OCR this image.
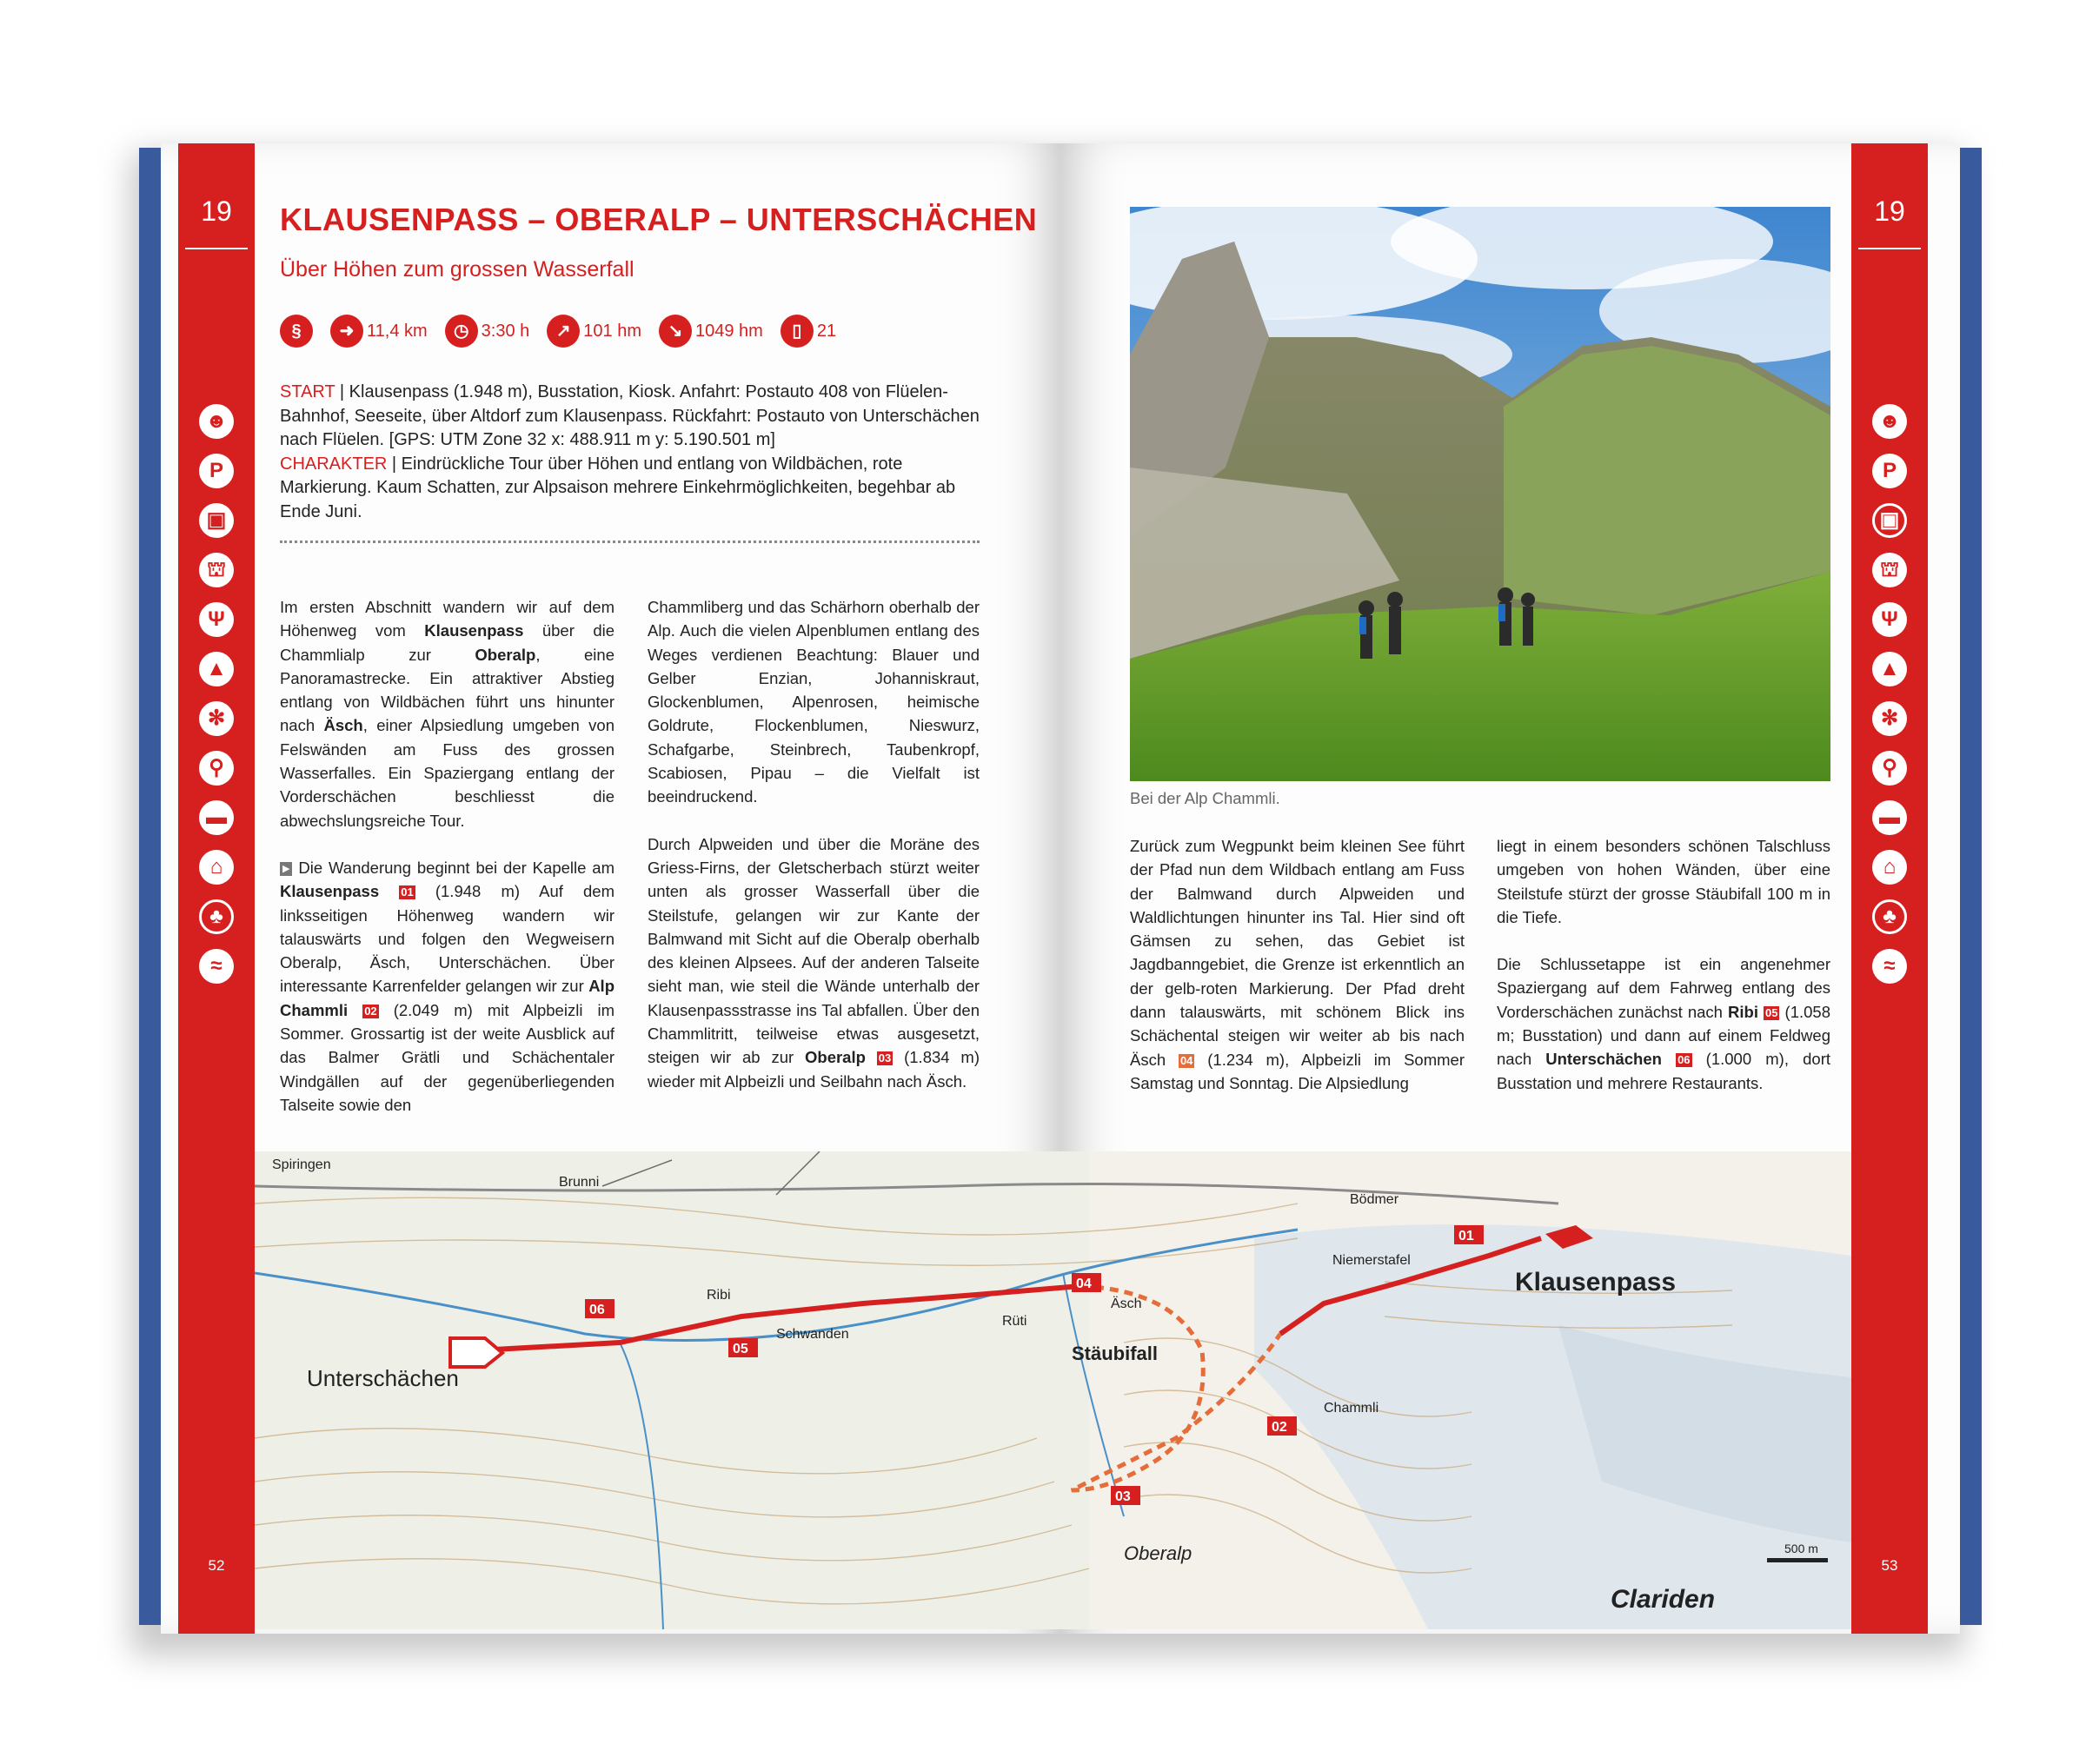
19
☻
P
▣
⛫
Ψ
▲
✻
⚲
▬
⌂
♣
≈
52
19
☻
P
▣
⛫
Ψ
▲
✻
⚲
▬
⌂
♣
≈
53
KLAUSENPASS – OBERALP – UNTERSCHÄCHEN
Über Höhen zum grossen Wasserfall
§	➜ 11,4 km	◷ 3:30 h	↗ 101 hm	↘ 1049 hm	▯ 21
START | Klausenpass (1.948 m), Busstation, Kiosk. Anfahrt: Postauto 408 von Flüelen-Bahnhof, Seeseite, über Altdorf zum Klausenpass. Rückfahrt: Postauto von Unterschächen nach Flüelen. [GPS: UTM Zone 32 x: 488.911 m y: 5.190.501 m]
CHARAKTER | Eindrückliche Tour über Höhen und entlang von Wildbächen, rote Markierung. Kaum Schatten, zur Alpsaison mehrere Einkehrmöglichkeiten, begehbar ab Ende Juni.

Im ersten Abschnitt wandern wir auf dem Höhenweg vom Klausenpass über die Chammlialp zur Oberalp, eine Panoramastrecke. Ein attraktiver Abstieg entlang von Wildbächen führt uns hinunter nach Äsch, einer Alpsiedlung umgeben von Felswänden am Fuss des grossen Wasserfalles. Ein Spaziergang entlang der Vorderschächen beschliesst die abwechslungsreiche Tour.

▶ Die Wanderung beginnt bei der Kapelle am Klausenpass 01 (1.948 m) Auf dem linksseitigen Höhenweg wandern wir talauswärts und folgen den Wegweisern Oberalp, Äsch, Unterschächen. Über interessante Karrenfelder gelangen wir zur Alp Chammli 02 (2.049 m) mit Alpbeizli im Sommer. Grossartig ist der weite Ausblick auf das Balmer Grätli und Schächentaler Windgällen auf der gegenüberliegenden Talseite sowie den

Chammliberg und das Schärhorn oberhalb der Alp. Auch die vielen Alpenblumen entlang des Weges verdienen Beachtung: Blauer und Gelber Enzian, Johanniskraut, Glockenblumen, Alpenrosen, heimische Goldrute, Flockenblumen, Nieswurz, Schafgarbe, Steinbrech, Taubenkropf, Scabiosen, Pipau – die Vielfalt ist beeindruckend.

Durch Alpweiden und über die Moräne des Griess-Firns, der Gletscherbach stürzt weiter unten als grosser Wasserfall über die Steilstufe, gelangen wir zur Kante der Balmwand mit Sicht auf die Oberalp oberhalb des kleinen Alpsees. Auf der anderen Talseite sieht man, wie steil die Wände unterhalb der Klausenpassstrasse ins Tal abfallen. Über den Chammlitritt, teilweise etwas ausgesetzt, steigen wir ab zur Oberalp 03 (1.834 m) wieder mit Alpbeizli und Seilbahn nach Äsch.

Zurück zum Wegpunkt beim kleinen See führt der Pfad nun dem Wildbach entlang am Fuss der Balmwand durch Alpweiden und Waldlichtungen hinunter ins Tal. Hier sind oft Gämsen zu sehen, das Gebiet ist Jagdbanngebiet, die Grenze ist erkenntlich an der gelb-roten Markierung. Der Pfad dreht dann talauswärts, mit schönem Blick ins Schächental steigen wir weiter ab bis nach Äsch 04 (1.234 m), Alpbeizli im Sommer Samstag und Sonntag. Die Alpsiedlung

liegt in einem besonders schönen Talschluss umgeben von hohen Wänden, über eine Steilstufe stürzt der grosse Stäubifall 100 m in die Tiefe.

Die Schlussetappe ist ein angenehmer Spaziergang auf dem Fahrweg entlang des Vorderschächen zunächst nach Ribi 05 (1.058 m; Busstation) und dann auf einem Feldweg nach Unterschächen 06 (1.000 m), dort Busstation und mehrere Restaurants.

Bei der Alp Chammli.
01
02
03
04
05
06
Klausenpass
Unterschächen
Stäubifall
Clariden
Chammli
Oberalp
Äsch
Ribi
Bödmer
Niemerstafel
Schwanden
Brunni
Rüti
Spiringen
500 m
